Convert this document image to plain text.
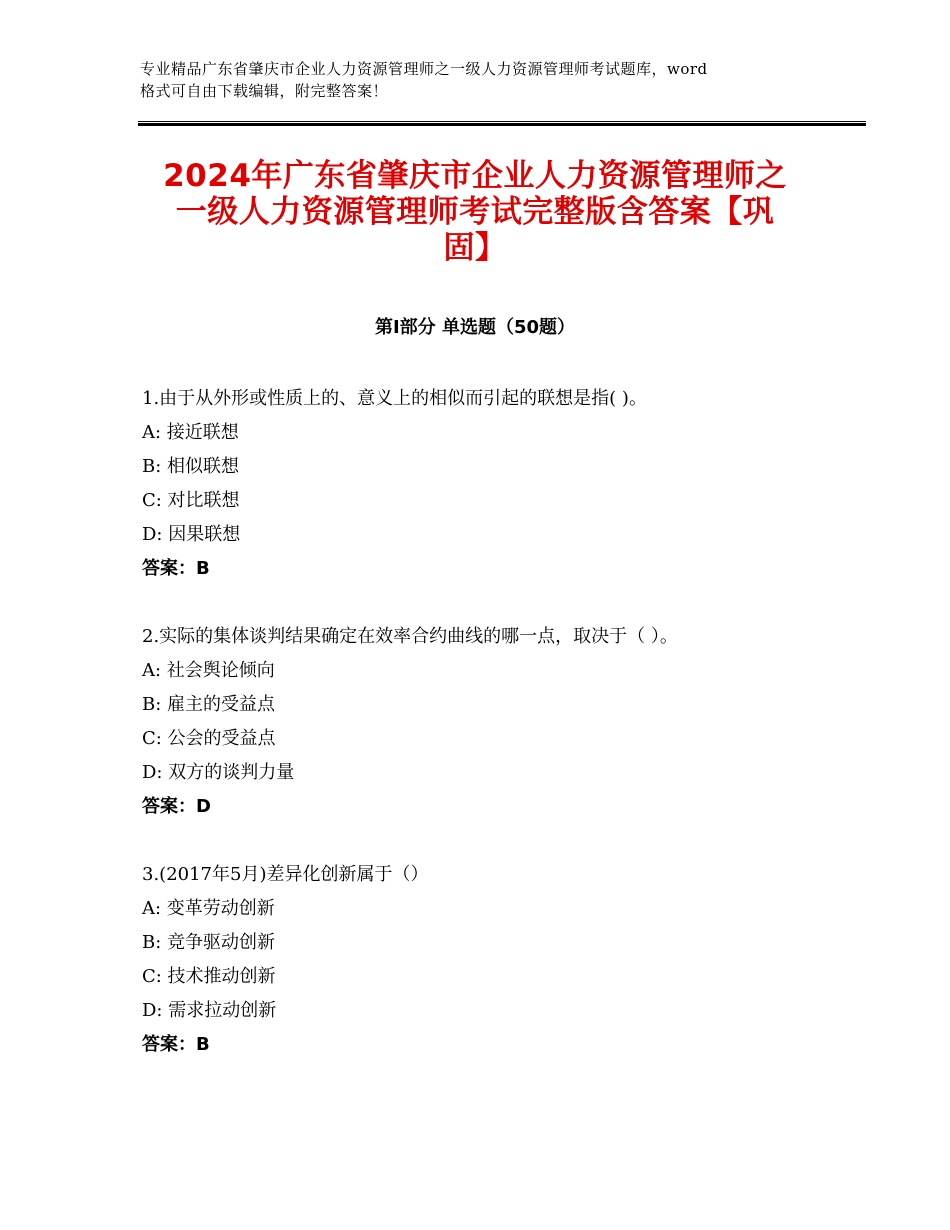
专业精品广东省肇庆市企业人力资源管理师之一级人力资源管理师考试题库，word
格式可自由下载编辑，附完整答案！
2024年广东省肇庆市企业人力资源管理师之
一级人力资源管理师考试完整版含答案【巩
固】
第Ⅰ部分 单选题（50题）
1.由于从外形或性质上的、意义上的相似而引起的联想是指( )。
A: 接近联想
B: 相似联想
C: 对比联想
D: 因果联想
答案：B
2.实际的集体谈判结果确定在效率合约曲线的哪一点，取决于（ ）。
A: 社会舆论倾向
B: 雇主的受益点
C: 公会的受益点
D: 双方的谈判力量
答案：D
3.(2017年5月)差异化创新属于（）
A: 变革劳动创新
B: 竞争驱动创新
C: 技术推动创新
D: 需求拉动创新
答案：B
